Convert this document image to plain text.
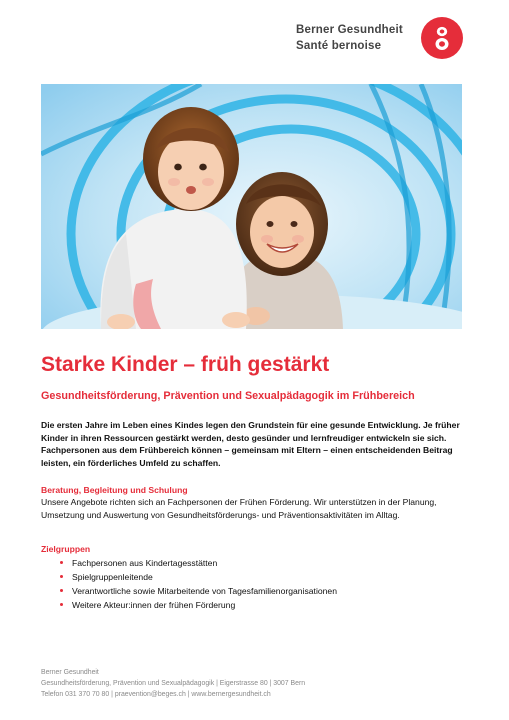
Berner Gesundheit
Santé bernoise
Starke Kinder – früh gestärkt
Gesundheitsförderung, Prävention und Sexualpädagogik im Frühbereich

Die ersten Jahre im Leben eines Kindes legen den Grundstein für eine gesunde Entwicklung. Je früher Kinder in ihren Ressourcen gestärkt werden, desto gesünder und lernfreudiger entwickeln sie sich. Fachpersonen aus dem Frühbereich können – gemeinsam mit Eltern – einen entscheidenden Beitrag leisten, ein förderliches Umfeld zu schaffen.

Beratung, Begleitung und Schulung

Unsere Angebote richten sich an Fachpersonen der Frühen Förderung. Wir unterstützen in der Planung, Umsetzung und Auswertung von Gesundheitsförderungs- und Präventionsaktivitäten im Alltag.

Zielgruppen
Fachpersonen aus Kindertagesstätten
Spielgruppenleitende
Verantwortliche sowie Mitarbeitende von Tagesfamilienorganisationen
Weitere Akteur:innen der frühen Förderung
Berner Gesundheit
Gesundheitsförderung, Prävention und Sexualpädagogik | Eigerstrasse 80 | 3007 Bern
Telefon 031 370 70 80 | praevention@beges.ch | www.bernergesundheit.ch
